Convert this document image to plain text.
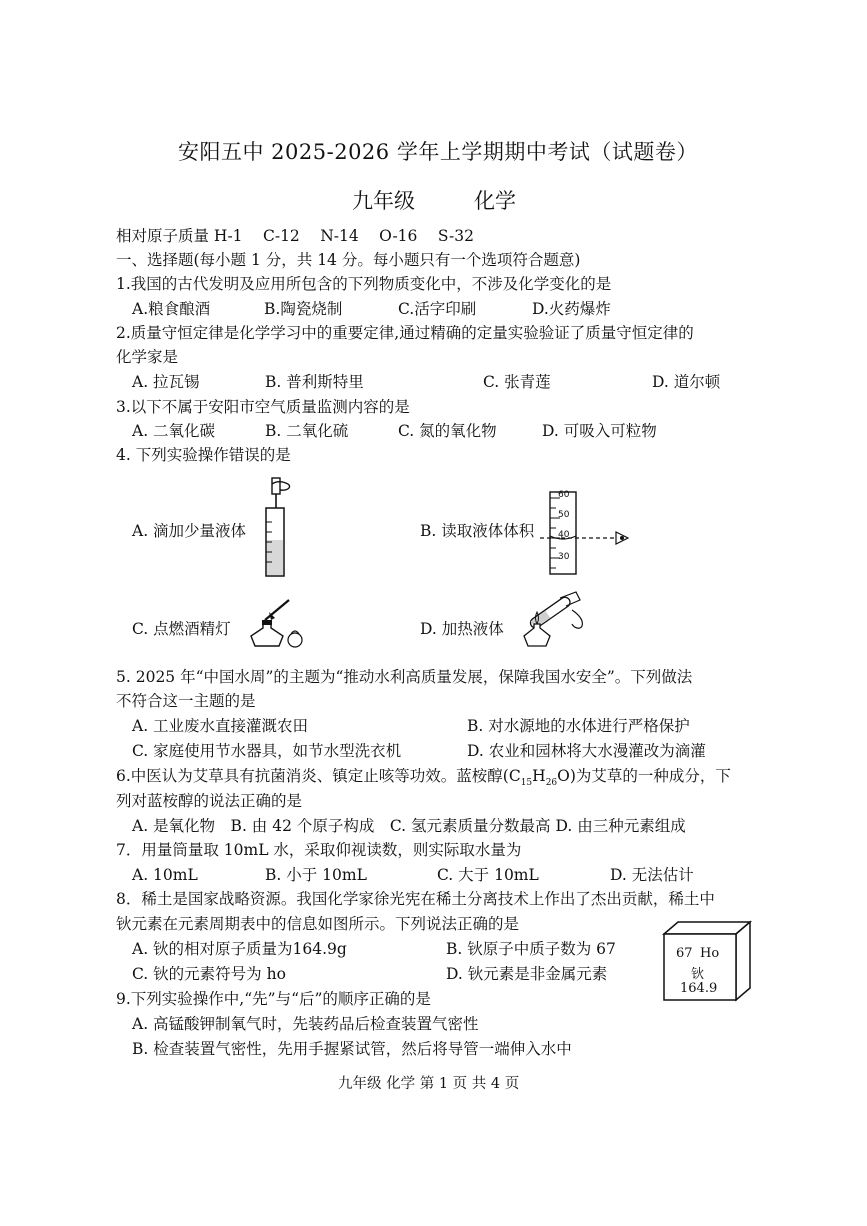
安阳五中 2025-2026 学年上学期期中考试（试题卷）
九年级	化学
相对原子质量 H-1　 C-12 　N-14 　O-16 　S-32
一、选择题(每小题 1 分，共 14 分。每小题只有一个选项符合题意)
1.我国的古代发明及应用所包含的下列物质变化中，不涉及化学变化的是
A.粮食酿酒	B.陶瓷烧制	C.活字印刷	D.火药爆炸
2.质量守恒定律是化学学习中的重要定律,通过精确的定量实验验证了质量守恒定律的
化学家是
A. 拉瓦锡	B. 普利斯特里	C. 张青莲	D. 道尔顿
3.以下不属于安阳市空气质量监测内容的是
A. 二氧化碳	B. 二氧化硫	C. 氮的氧化物	D. 可吸入可粒物
4. 下列实验操作错误的是
A. 滴加少量液体	B. 读取液体体积
60
50
40
30
C. 点燃酒精灯	D. 加热液体
5. 2025 年“中国水周”的主题为“推动水利高质量发展，保障我国水安全”。下列做法
不符合这一主题的是
A. 工业废水直接灌溉农田	B. 对水源地的水体进行严格保护
C. 家庭使用节水器具，如节水型洗衣机	D. 农业和园林将大水漫灌改为滴灌
6.中医认为艾草具有抗菌消炎、镇定止咳等功效。蓝桉醇$(C_{15}H_{26}O)$为艾草的一种成分，下
列对蓝桉醇的说法正确的是
A. 是氧化物　B. 由 42 个原子构成　C. 氢元素质量分数最高 D. 由三种元素组成
7．用量筒量取 10mL 水，采取仰视读数，则实际取水量为
A. 10mL	B. 小于 10mL	C. 大于 10mL	D. 无法估计
8．稀土是国家战略资源。我国化学家徐光宪在稀土分离技术上作出了杰出贡献，稀土中
钬元素在元素周期表中的信息如图所示。下列说法正确的是
A. 钬的相对原子质量为164.9g	B. 钬原子中质子数为 67
C. 钬的元素符号为 ho	D. 钬元素是非金属元素
67 Ho
钬
164.9
9.下列实验操作中,“先”与“后”的顺序正确的是
A. 高锰酸钾制氧气时，先装药品后检查装置气密性
B. 检查装置气密性，先用手握紧试管，然后将导管一端伸入水中
九年级 化学 第 1 页 共 4 页
